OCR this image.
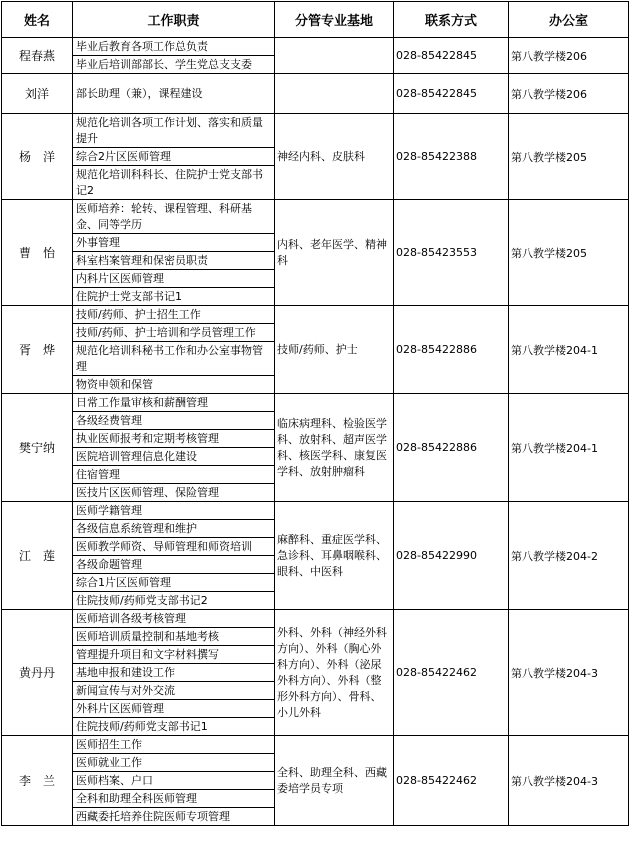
姓名	工作职责	分管专业基地	联系方式	办公室
程春燕	毕业后教育各项工作总负责		028-85422845	第八教学楼206
	毕业后培训部部长、学生党总支支委			
刘洋	部长助理（兼），课程建设		028-85422845	第八教学楼206
杨　洋	规范化培训各项工作计划、落实和质量提升	神经内科、皮肤科	028-85422388	第八教学楼205
	综合2片区医师管理			
	规范化培训科科长、住院护士党支部书记2			
曹　怡	医师培养：轮转、课程管理、科研基金、同等学历	内科、老年医学、精神科	028-85423553	第八教学楼205
	外事管理			
	科室档案管理和保密员职责			
	内科片区医师管理			
	住院护士党支部书记1			
胥　烨	技师/药师、护士招生工作	技师/药师、护士	028-85422886	第八教学楼204-1
	技师/药师、护士培训和学员管理工作			
	规范化培训科秘书工作和办公室事物管理			
	物资申领和保管			
樊宁纳	日常工作量审核和薪酬管理	临床病理科、检验医学科、放射科、超声医学科、核医学科、康复医学科、放射肿瘤科	028-85422886	第八教学楼204-1
	各级经费管理			
	执业医师报考和定期考核管理			
	医院培训管理信息化建设			
	住宿管理			
	医技片区医师管理、保险管理			
江　莲	医师学籍管理	麻醉科、重症医学科、急诊科、耳鼻咽喉科、眼科、中医科	028-85422990	第八教学楼204-2
	各级信息系统管理和维护			
	医师教学师资、导师管理和师资培训			
	各级命题管理			
	综合1片区医师管理			
	住院技师/药师党支部书记2			
黄丹丹	医师培训各级考核管理	外科、外科（神经外科方向）、外科（胸心外科方向）、外科（泌尿外科方向）、外科（整形外科方向）、骨科、小儿外科	028-85422462	第八教学楼204-3
	医师培训质量控制和基地考核			
	管理提升项目和文字材料撰写			
	基地申报和建设工作			
	新闻宣传与对外交流			
	外科片区医师管理			
	住院技师/药师党支部书记1			
李　兰	医师招生工作	全科、助理全科、西藏委培学员专项	028-85422462	第八教学楼204-3
	医师就业工作			
	医师档案、户口			
	全科和助理全科医师管理			
	西藏委托培养住院医师专项管理			
